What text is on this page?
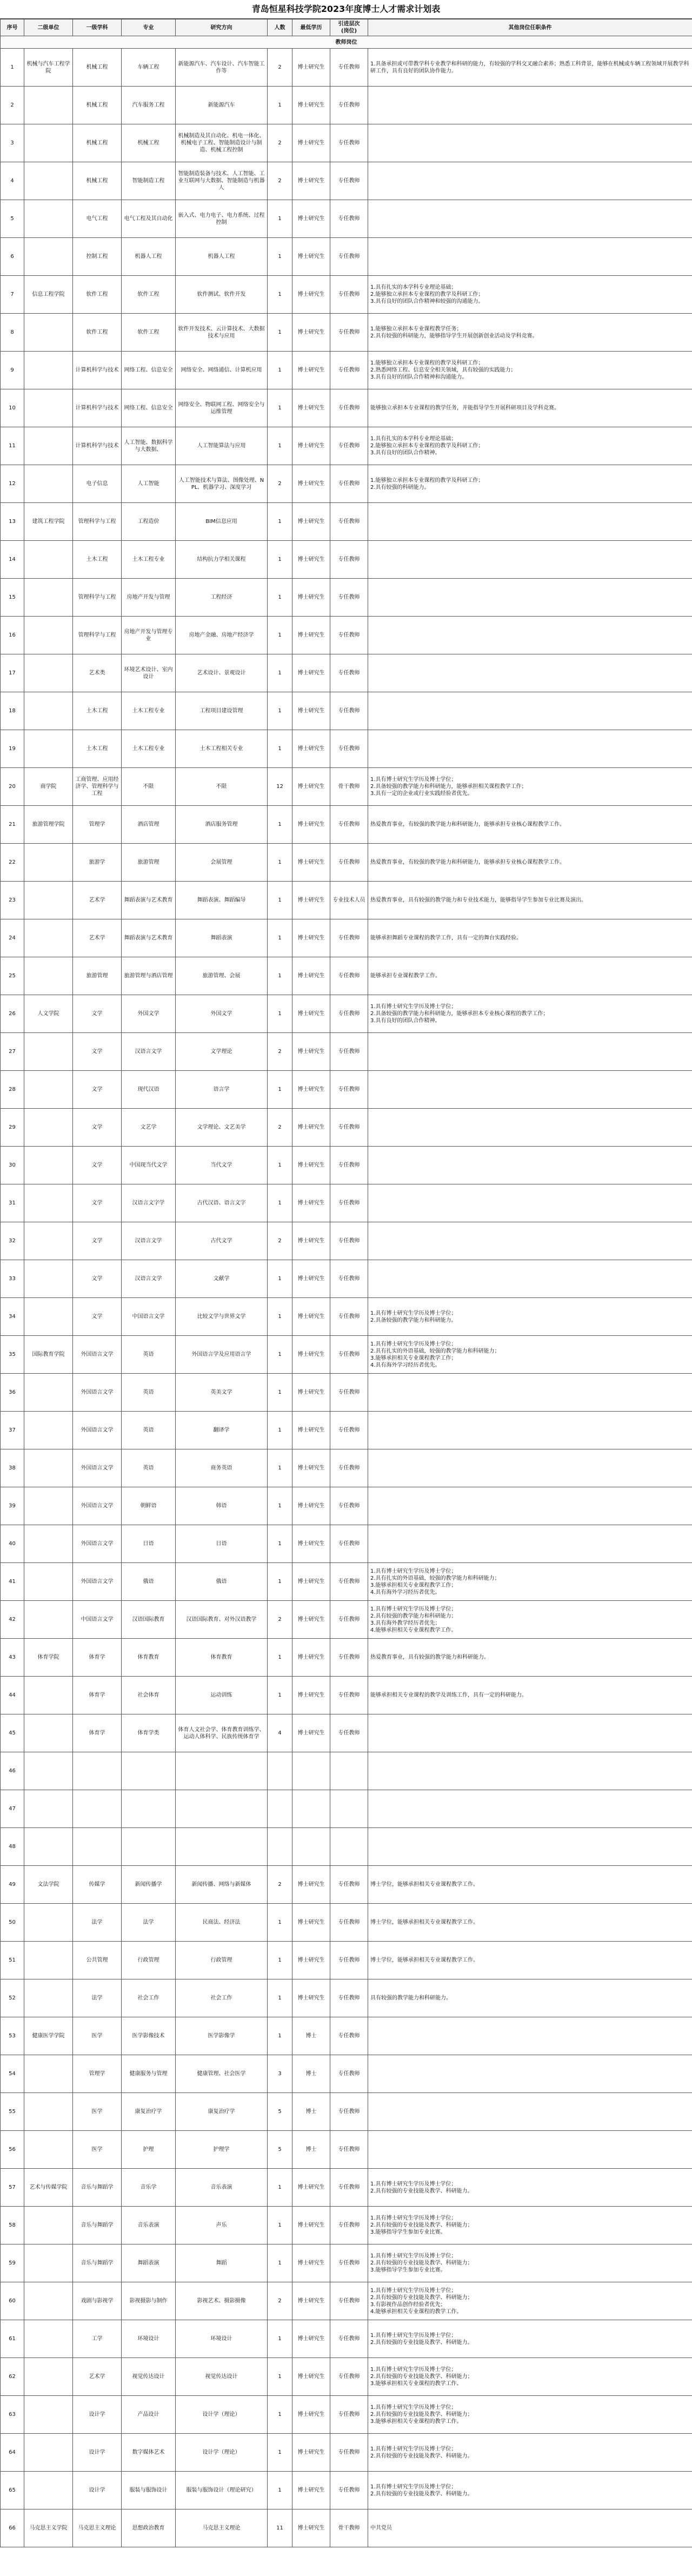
青岛恒星科技学院2023年度博士人才需求计划表
序号	二级单位	一级学科	专业	研究方向	人数	最低学历	引进层次
(岗位)	其他岗位任职条件
教师岗位								
1	机械与汽车工程学院	机械工程	车辆工程	新能源汽车、汽车设计、汽车智能工作等	2	博士研究生	专任教师	1.具备承担或可带教学科专业教学和科研的能力，有较强的学科交叉融合素养；熟悉工科背景，能够在机械或车辆工程领域开展教学科研工作，具有良好的团队协作能力。
2		机械工程	汽车服务工程	新能源汽车	1	博士研究生	专任教师	
3		机械工程	机械工程	机械制造及其自动化、机电一体化、机械电子工程、智能制造设计与制造、机械工程控制	2	博士研究生	专任教师	
4		机械工程	智能制造工程	智能制造装备与技术、人工智能、工业互联网与大数据、智能制造与机器人	2	博士研究生	专任教师	
5		电气工程	电气工程及其自动化	嵌入式、电力电子、电力系统、过程控制	1	博士研究生	专任教师	
6		控制工程	机器人工程	机器人工程	1	博士研究生	专任教师	
7	信息工程学院	软件工程	软件工程	软件测试、软件开发	1	博士研究生	专任教师	1.具有扎实的本学科专业理论基础；
2.能够独立承担本专业课程的教学及科研工作；
3.具有良好的团队合作精神和较强的沟通能力。
8		软件工程	软件工程	软件开发技术、云计算技术、大数据技术与应用	1	博士研究生	专任教师	1.能够独立承担本专业课程教学任务；
2.具有较强的科研能力，能够指导学生开展创新创业活动及学科竞赛。
9		计算机科学与技术	网络工程、信息安全	网络安全、网络通信、计算机应用	1	博士研究生	专任教师	1.能够独立承担本专业课程的教学及科研工作；
2.熟悉网络工程、信息安全相关领域，具有较强的实践能力；
3.具有良好的团队合作精神和沟通能力。
10		计算机科学与技术	网络工程、信息安全	网络安全、物联网工程、网络安全与运维管理	1	博士研究生	专任教师	能够独立承担本专业课程的教学任务，并能指导学生开展科研项目及学科竞赛。
11		计算机科学与技术	人工智能、数据科学与大数据、	人工智能算法与应用	1	博士研究生	专任教师	1.具有扎实的本学科专业理论基础；
2.能够独立承担本专业课程的教学及科研工作；
3.具有良好的团队合作精神。
12		电子信息	人工智能	人工智能技术与算法、图像处理、NPL、机器学习、深度学习	2	博士研究生	专任教师	1.能够独立承担本专业课程的教学及科研工作；
2.具有较强的科研能力。
13	建筑工程学院	管理科学与工程	工程造价	BIM信息应用	1	博士研究生	专任教师	
14		土木工程	土木工程专业	结构抗力学相关课程	1	博士研究生	专任教师	
15		管理科学与工程	房地产开发与管理	工程经济	1	博士研究生	专任教师	
16		管理科学与工程	房地产开发与管理专业	房地产金融、房地产经济学	1	博士研究生	专任教师	
17		艺术类	环境艺术设计、室内设计	艺术设计、景观设计	1	博士研究生	专任教师	
18		土木工程	土木工程专业	工程项目建设管理	1	博士研究生	专任教师	
19		土木工程	土木工程专业	土木工程相关专业	1	博士研究生	专任教师	
20	商学院	工商管理、应用经济学、管理科学与工程	不限	不限	12	博士研究生	骨干教师	1.具有博士研究生学历及博士学位；
2.具备较强的教学能力和科研能力，能够承担相关课程教学工作；
3.具有一定的企业或行业实践经验者优先。
21	旅游管理学院	管理学	酒店管理	酒店服务管理	1	博士研究生	专任教师	热爱教育事业，有较强的教学能力和科研能力，能够承担专业核心课程教学工作。
22		旅游学	旅游管理	会展管理	1	博士研究生	专任教师	热爱教育事业，有较强的教学能力和科研能力，能够承担专业核心课程教学工作。
23		艺术学	舞蹈表演与艺术教育	舞蹈表演、舞蹈编导	1	博士研究生	专业技术人员	热爱教育事业，具有较强的教学能力和专业技术能力，能够指导学生参加专业比赛及演出。
24		艺术学	舞蹈表演与艺术教育	舞蹈表演	1	博士研究生	专任教师	能够承担舞蹈专业课程的教学工作，具有一定的舞台实践经验。
25		旅游管理	旅游管理与酒店管理	旅游管理、会展	1	博士研究生	专任教师	能够承担专业课程教学工作。
26	人文学院	文学	外国文学	外国文学	1	博士研究生	专任教师	1.具有博士研究生学历及博士学位；
2.具备较强的教学能力和科研能力，能够承担本专业核心课程的教学工作；
3.具有良好的团队合作精神。
27		文学	汉语言文学	文学理论	2	博士研究生	专任教师	
28		文学	现代汉语	语言学	1	博士研究生	专任教师	
29		文学	文艺学	文学理论、文艺美学	2	博士研究生	专任教师	
30		文学	中国现当代文学	当代文学	1	博士研究生	专任教师	
31		文学	汉语言文字学	古代汉语、语言文字	1	博士研究生	专任教师	
32		文学	汉语言文学	古代文学	2	博士研究生	专任教师	
33		文学	汉语言文学	文献学	1	博士研究生	专任教师	
34		文学	中国语言文学	比较文学与世界文学	1	博士研究生	专任教师	1.具有博士研究生学历及博士学位；
2.具备较强的教学能力和科研能力。
35	国际教育学院	外国语言文学	英语	外国语言学及应用语言学	1	博士研究生	专任教师	1.具有博士研究生学历及博士学位；
2.具有扎实的外语基础，较强的教学能力和科研能力；
3.能够承担相关专业课程教学工作；
4.具有海外学习经历者优先。
36		外国语言文学	英语	英美文学	1	博士研究生	专任教师	
37		外国语言文学	英语	翻译学	1	博士研究生	专任教师	
38		外国语言文学	英语	商务英语	1	博士研究生	专任教师	
39		外国语言文学	朝鲜语	韩语	1	博士研究生	专任教师	
40		外国语言文学	日语	日语	1	博士研究生	专任教师	
41		外国语言文学	俄语	俄语	1	博士研究生	专任教师	1.具有博士研究生学历及博士学位；
2.具有扎实的外语基础，较强的教学能力和科研能力；
3.能够承担相关专业课程教学工作；
4.具有海外学习经历者优先。
42		中国语言文学	汉语国际教育	汉语国际教育、对外汉语教学	2	博士研究生	专任教师	1.具有博士研究生学历及博士学位；
2.具有较强的教学能力和科研能力；
3.具有海外教学经历者优先；
4.能够承担相关专业课程教学工作。
43	体育学院	体育学	体育教育	体育教育	1	博士研究生	专任教师	热爱教育事业，具有较强的教学能力和科研能力。
44		体育学	社会体育	运动训练	1	博士研究生	专任教师	能够承担相关专业课程的教学及训练工作，具有一定的科研能力。
45		体育学	体育学类	体育人文社会学、体育教育训练学、运动人体科学、民族传统体育学	4	博士研究生	专任教师	
46								
47								
48								
49	文法学院	传媒学	新闻传播学	新闻传播、网络与新媒体	2	博士研究生	专任教师	博士学位，能够承担相关专业课程教学工作。
50		法学	法学	民商法、经济法	1	博士研究生	专任教师	博士学位，能够承担相关专业课程教学工作。
51		公共管理	行政管理	行政管理	1	博士研究生	专任教师	博士学位，能够承担相关专业课程教学工作。
52		法学	社会工作	社会工作	1	博士研究生	专任教师	具有较强的教学能力和科研能力。
53	健康医学学院	医学	医学影像技术	医学影像学	1	博士	专任教师	
54		管理学	健康服务与管理	健康管理、社会医学	3	博士	专任教师	
55		医学	康复治疗学	康复治疗学	5	博士	专任教师	
56		医学	护理	护理学	5	博士	专任教师	
57	艺术与传媒学院	音乐与舞蹈学	音乐学	音乐表演	1	博士研究生	专任教师	1.具有博士研究生学历及博士学位；
2.具有较强的专业技能及教学、科研能力。
58		音乐与舞蹈学	音乐表演	声乐	1	博士研究生	专任教师	1.具有博士研究生学历及博士学位；
2.具有较强的专业技能及教学、科研能力；
3.能够指导学生参加专业比赛。
59		音乐与舞蹈学	舞蹈表演	舞蹈	1	博士研究生	专任教师	1.具有博士研究生学历及博士学位；
2.具有较强的专业技能及教学、科研能力；
3.能够指导学生参加专业比赛。
60		戏剧与影视学	影视摄影与制作	影视艺术、摄影摄像	2	博士研究生	专任教师	1.具有博士研究生学历及博士学位；
2.具有较强的专业技能及教学、科研能力；
3.有影视作品创作经验者优先；
4.能够承担相关专业课程的教学工作。
61		工学	环境设计	环境设计	1	博士研究生	专任教师	1.具有博士研究生学历及博士学位；
2.具有较强的专业技能及教学、科研能力。
62		艺术学	视觉传达设计	视觉传达设计	1	博士研究生	专任教师	1.具有博士研究生学历及博士学位；
2.具有较强的专业技能及教学、科研能力；
3.能够承担相关专业课程的教学工作。
63		设计学	产品设计	设计学（理论）	1	博士研究生	专任教师	1.具有博士研究生学历及博士学位；
2.具有较强的专业技能及教学、科研能力；
3.能够承担相关专业课程的教学工作。
64		设计学	数字媒体艺术	设计学（理论）	1	博士研究生	专任教师	1.具有博士研究生学历及博士学位；
2.具有较强的专业技能及教学、科研能力。
65		设计学	服装与服饰设计	服装与服饰设计（理论研究）	1	博士研究生	专任教师	1.具有博士研究生学历及博士学位；
2.具有较强的专业技能及教学、科研能力。
66	马克思主义学院	马克思主义理论	思想政治教育	马克思主义理论	11	博士研究生	骨干教师	中共党员
